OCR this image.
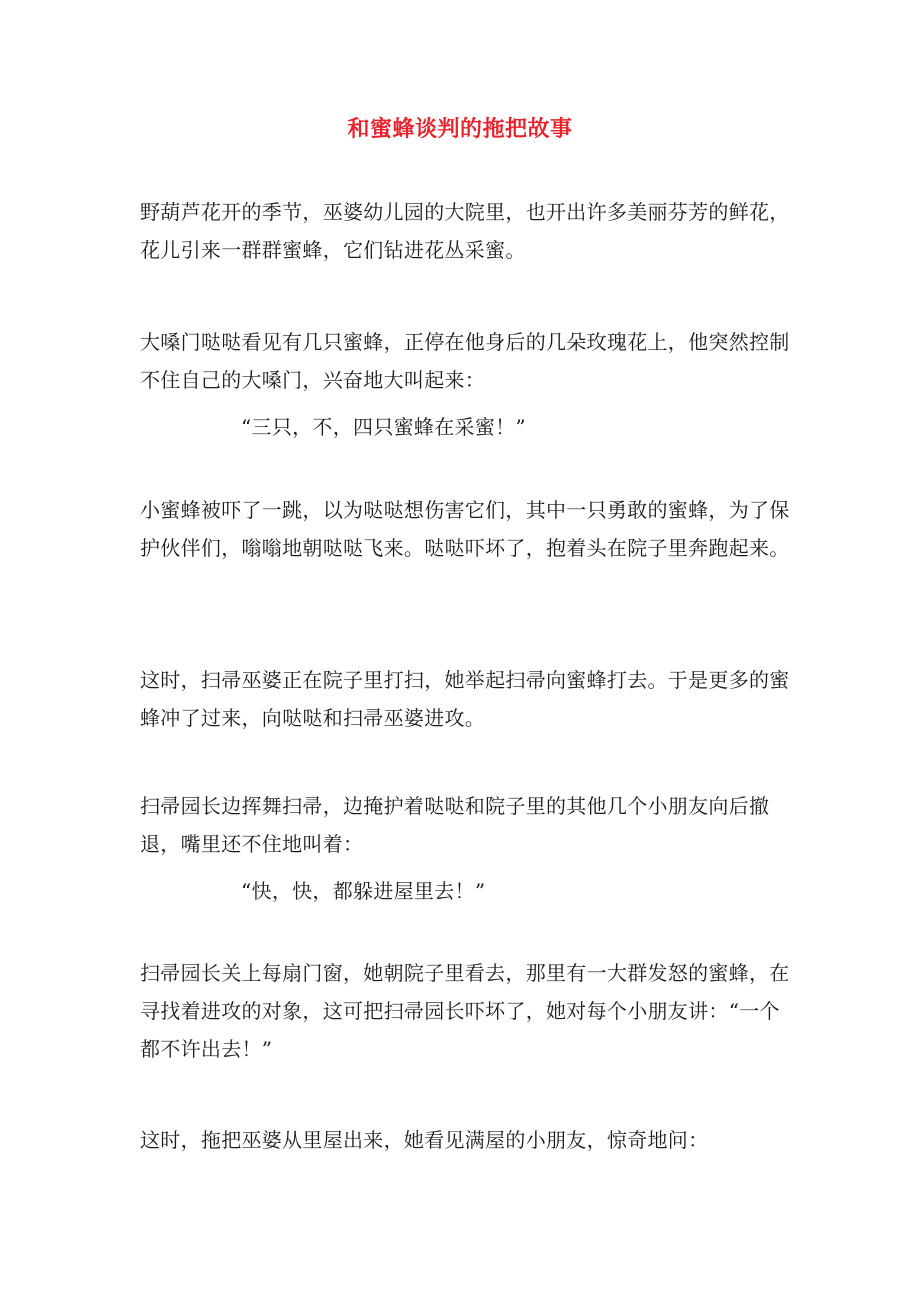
和蜜蜂谈判的拖把故事

野葫芦花开的季节，巫婆幼儿园的大院里，也开出许多美丽芬芳的鲜花，花儿引来一群群蜜蜂，它们钻进花丛采蜜。

大嗓门哒哒看见有几只蜜蜂，正停在他身后的几朵玫瑰花上，他突然控制不住自己的大嗓门，兴奋地大叫起来：

“三只，不，四只蜜蜂在采蜜！”

小蜜蜂被吓了一跳，以为哒哒想伤害它们，其中一只勇敢的蜜蜂，为了保护伙伴们，嗡嗡地朝哒哒飞来。哒哒吓坏了，抱着头在院子里奔跑起来。

这时，扫帚巫婆正在院子里打扫，她举起扫帚向蜜蜂打去。于是更多的蜜蜂冲了过来，向哒哒和扫帚巫婆进攻。

扫帚园长边挥舞扫帚，边掩护着哒哒和院子里的其他几个小朋友向后撤退，嘴里还不住地叫着：

“快，快，都躲进屋里去！”

扫帚园长关上每扇门窗，她朝院子里看去，那里有一大群发怒的蜜蜂，在寻找着进攻的对象，这可把扫帚园长吓坏了，她对每个小朋友讲：“一个都不许出去！”

这时，拖把巫婆从里屋出来，她看见满屋的小朋友，惊奇地问：
